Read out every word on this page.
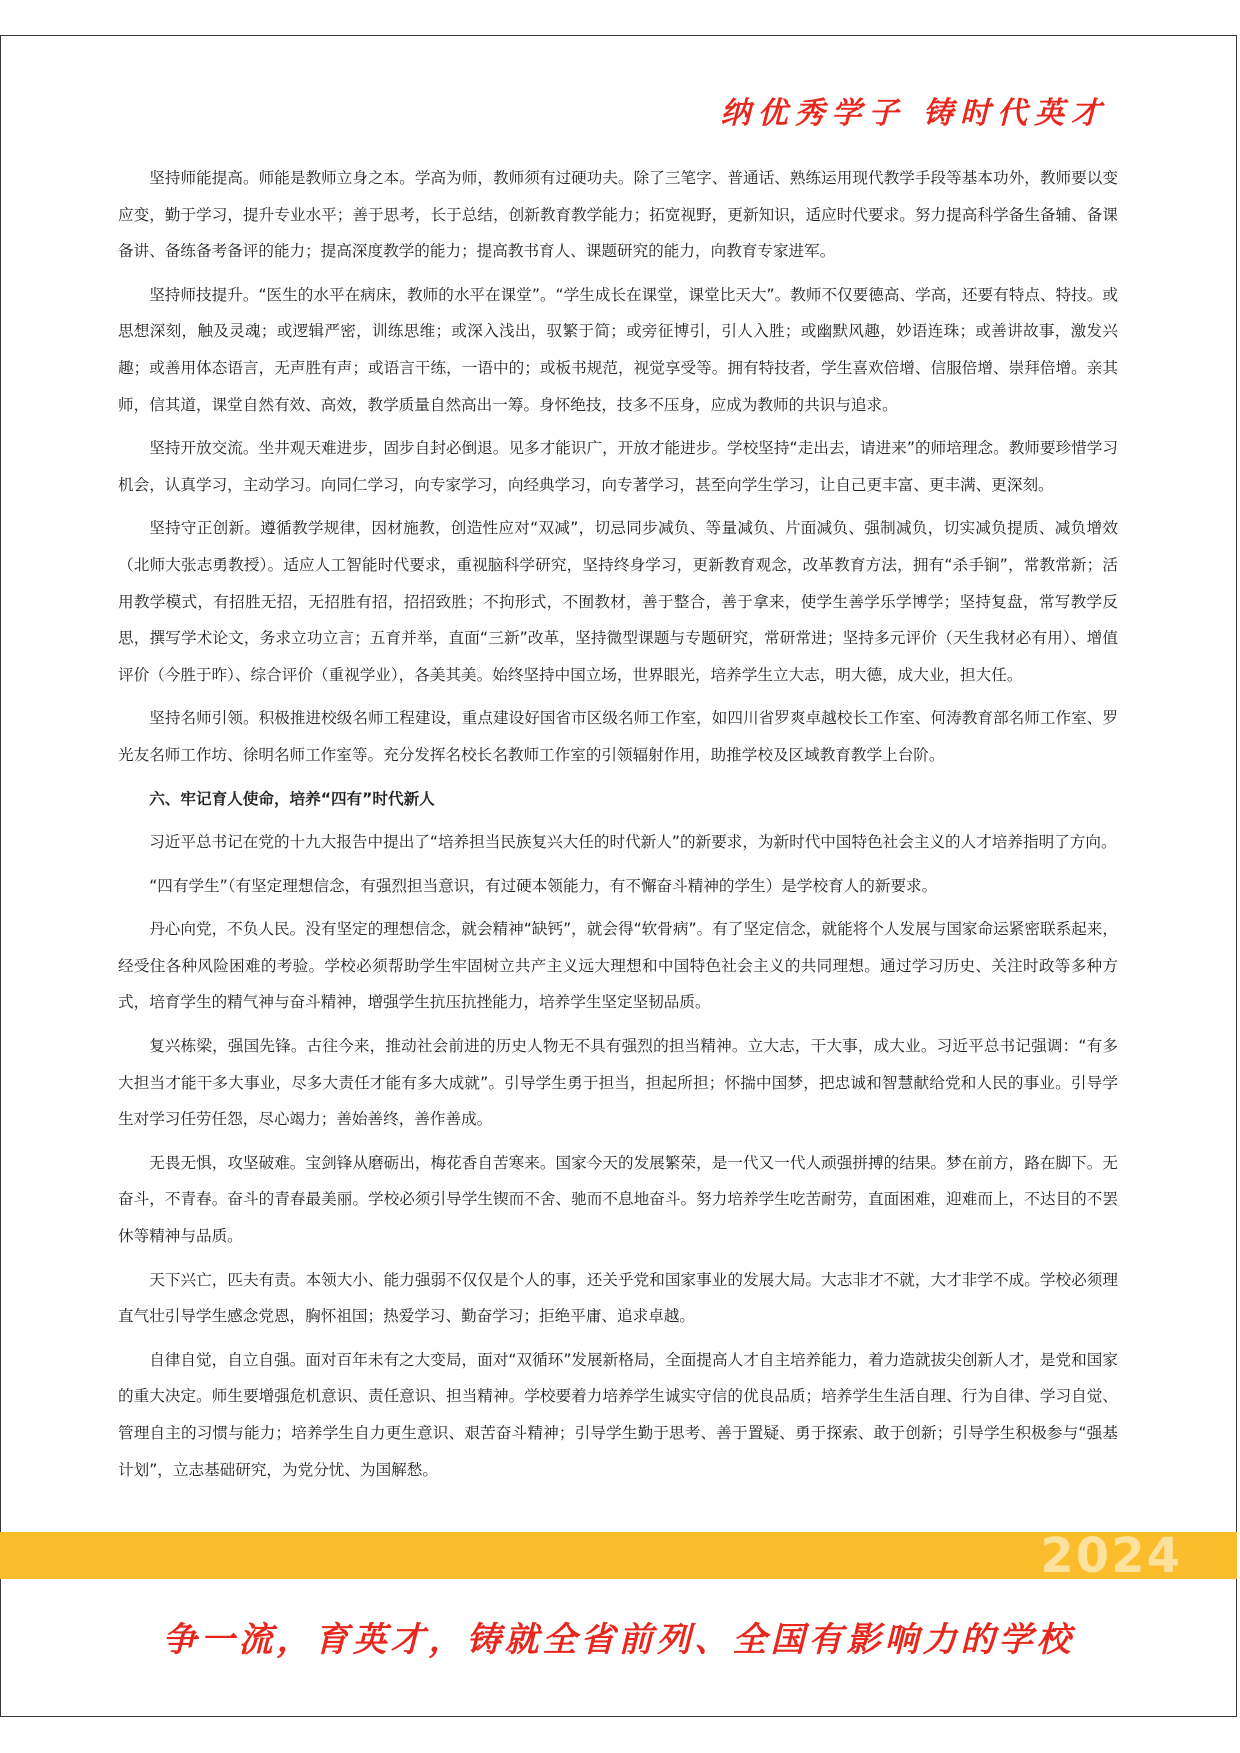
纳优秀学子 铸时代英才

坚持师能提高。师能是教师立身之本。学高为师，教师须有过硬功夫。除了三笔字、普通话、熟练运用现代教学手段等基本功外，教师要以变应变，勤于学习，提升专业水平；善于思考，长于总结，创新教育教学能力；拓宽视野，更新知识，适应时代要求。努力提高科学备生备辅、备课备讲、备练备考备评的能力；提高深度教学的能力；提高教书育人、课题研究的能力，向教育专家进军。

坚持师技提升。“医生的水平在病床，教师的水平在课堂”。“学生成长在课堂，课堂比天大”。教师不仅要德高、学高，还要有特点、特技。或思想深刻，触及灵魂；或逻辑严密，训练思维；或深入浅出，驭繁于简；或旁征博引，引人入胜；或幽默风趣，妙语连珠；或善讲故事，激发兴趣；或善用体态语言，无声胜有声；或语言干练，一语中的；或板书规范，视觉享受等。拥有特技者，学生喜欢倍增、信服倍增、崇拜倍增。亲其师，信其道，课堂自然有效、高效，教学质量自然高出一筹。身怀绝技，技多不压身，应成为教师的共识与追求。

坚持开放交流。坐井观天难进步，固步自封必倒退。见多才能识广，开放才能进步。学校坚持“走出去，请进来”的师培理念。教师要珍惜学习机会，认真学习，主动学习。向同仁学习，向专家学习，向经典学习，向专著学习，甚至向学生学习，让自己更丰富、更丰满、更深刻。

坚持守正创新。遵循教学规律，因材施教，创造性应对“双减”，切忌同步减负、等量减负、片面减负、强制减负，切实减负提质、减负增效（北师大张志勇教授）。适应人工智能时代要求，重视脑科学研究，坚持终身学习，更新教育观念，改革教育方法，拥有“杀手锏”，常教常新；活用教学模式，有招胜无招，无招胜有招，招招致胜；不拘形式，不囿教材，善于整合，善于拿来，使学生善学乐学博学；坚持复盘，常写教学反思，撰写学术论文，务求立功立言；五育并举，直面“三新”改革，坚持微型课题与专题研究，常研常进；坚持多元评价（天生我材必有用）、增值评价（今胜于昨）、综合评价（重视学业），各美其美。始终坚持中国立场，世界眼光，培养学生立大志，明大德，成大业，担大任。

坚持名师引领。积极推进校级名师工程建设，重点建设好国省市区级名师工作室，如四川省罗爽卓越校长工作室、何涛教育部名师工作室、罗光友名师工作坊、徐明名师工作室等。充分发挥名校长名教师工作室的引领辐射作用，助推学校及区域教育教学上台阶。

六、牢记育人使命，培养“四有”时代新人

习近平总书记在党的十九大报告中提出了“培养担当民族复兴大任的时代新人”的新要求，为新时代中国特色社会主义的人才培养指明了方向。

“四有学生”（有坚定理想信念，有强烈担当意识，有过硬本领能力，有不懈奋斗精神的学生）是学校育人的新要求。

丹心向党，不负人民。没有坚定的理想信念，就会精神“缺钙”，就会得“软骨病”。有了坚定信念，就能将个人发展与国家命运紧密联系起来，经受住各种风险困难的考验。学校必须帮助学生牢固树立共产主义远大理想和中国特色社会主义的共同理想。通过学习历史、关注时政等多种方式，培育学生的精气神与奋斗精神，增强学生抗压抗挫能力，培养学生坚定坚韧品质。

复兴栋梁，强国先锋。古往今来，推动社会前进的历史人物无不具有强烈的担当精神。立大志，干大事，成大业。习近平总书记强调：“有多大担当才能干多大事业，尽多大责任才能有多大成就”。引导学生勇于担当，担起所担；怀揣中国梦，把忠诚和智慧献给党和人民的事业。引导学生对学习任劳任怨，尽心竭力；善始善终，善作善成。

无畏无惧，攻坚破难。宝剑锋从磨砺出，梅花香自苦寒来。国家今天的发展繁荣，是一代又一代人顽强拼搏的结果。梦在前方，路在脚下。无奋斗，不青春。奋斗的青春最美丽。学校必须引导学生锲而不舍、驰而不息地奋斗。努力培养学生吃苦耐劳，直面困难，迎难而上，不达目的不罢休等精神与品质。

天下兴亡，匹夫有责。本领大小、能力强弱不仅仅是个人的事，还关乎党和国家事业的发展大局。大志非才不就，大才非学不成。学校必须理直气壮引导学生感念党恩，胸怀祖国；热爱学习、勤奋学习；拒绝平庸、追求卓越。

自律自觉，自立自强。面对百年未有之大变局，面对“双循环”发展新格局，全面提高人才自主培养能力，着力造就拔尖创新人才，是党和国家的重大决定。师生要增强危机意识、责任意识、担当精神。学校要着力培养学生诚实守信的优良品质；培养学生生活自理、行为自律、学习自觉、管理自主的习惯与能力；培养学生自力更生意识、艰苦奋斗精神；引导学生勤于思考、善于置疑、勇于探索、敢于创新；引导学生积极参与“强基计划”，立志基础研究，为党分忧、为国解愁。

2024
争一流，育英才，铸就全省前列、全国有影响力的学校
